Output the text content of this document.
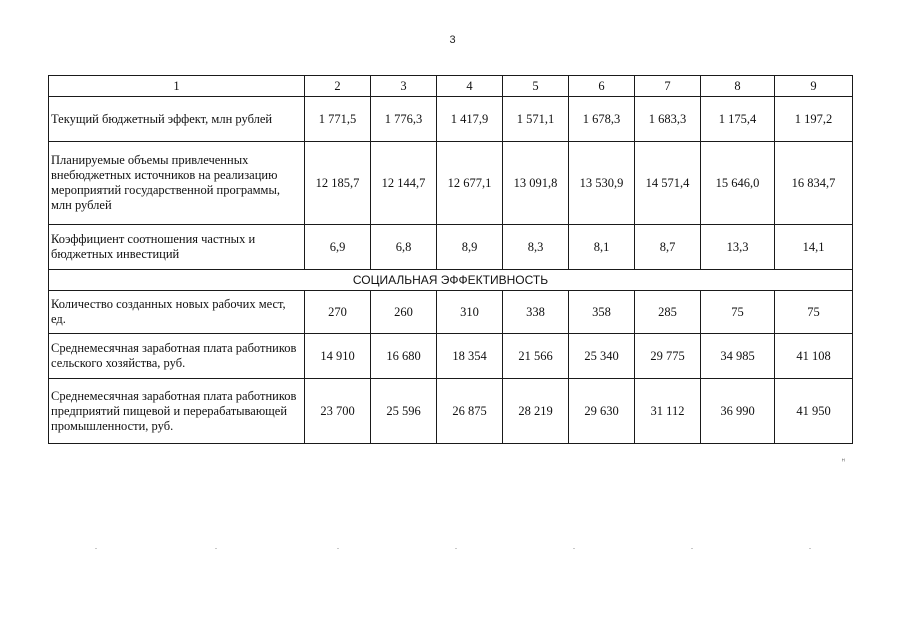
3
1	2	3	4	5	6	7	8	9
Текущий бюджетный эффект, млн рублей	1 771,5	1 776,3	1 417,9	1 571,1	1 678,3	1 683,3	1 175,4	1 197,2
Планируемые объемы привлеченных внебюджетных источников на реализацию мероприятий государственной программы, млн рублей	12 185,7	12 144,7	12 677,1	13 091,8	13 530,9	14 571,4	15 646,0	16 834,7
Коэффициент соотношения частных и бюджетных инвестиций	6,9	6,8	8,9	8,3	8,1	8,7	13,3	14,1
СОЦИАЛЬНАЯ ЭФФЕКТИВНОСТЬ								
Количество созданных новых рабочих мест, ед.	270	260	310	338	358	285	75	75
Среднемесячная заработная плата работников сельского хозяйства, руб.	14 910	16 680	18 354	21 566	25 340	29 775	34 985	41 108
Среднемесячная заработная плата работников предприятий пищевой и перерабатывающей промышленности, руб.	23 700	25 596	26 875	28 219	29 630	31 112	36 990	41 950
ᴴ
